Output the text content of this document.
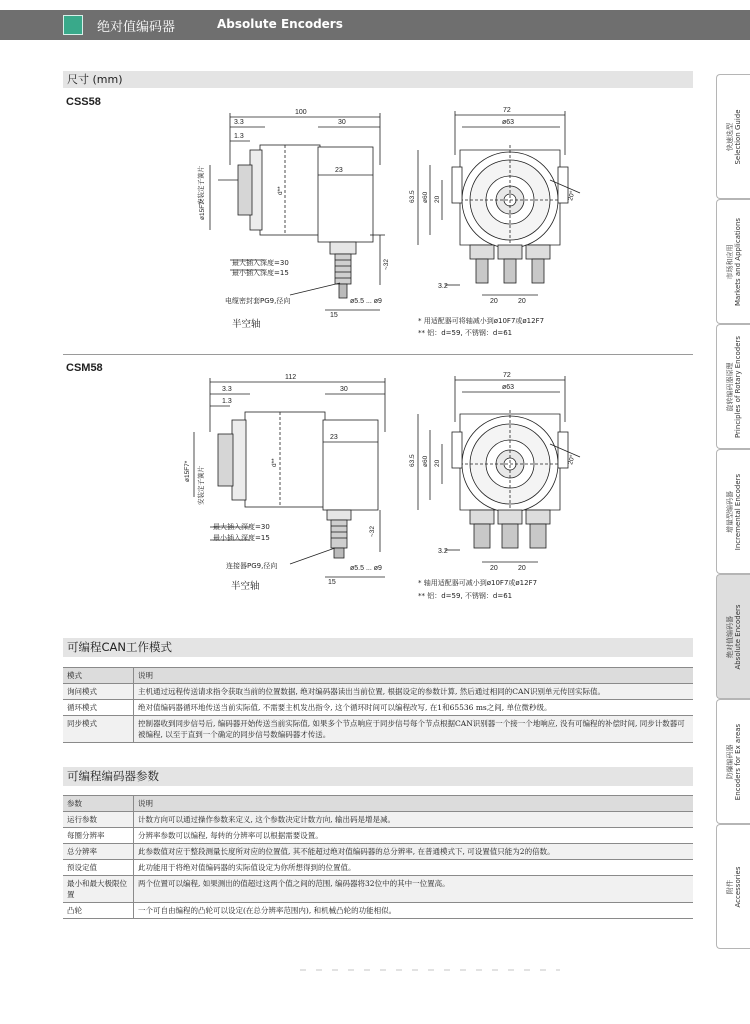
绝对值编码器	Absolute Encoders
尺寸 (mm)
CSS58
100
3.3
1.3
30
23
d**
ø15F7*
~32
15
ø5.5 ... ø9
安装定子簧片
最大插入深度=30
最小插入深度=15
电缆密封套PG9,径向
半空轴
72
ø63
63.5 ø60 20
20	20
3.2
20°
* 用适配器可将轴减小到ø10F7或ø12F7
** 铝：d=59, 不锈钢：d=61
CSM58
112
3.3
1.3
30
23
d**
ø15F7*
~32
15
ø5.5 ... ø9
安装定子簧片
最大插入深度=30
最小插入深度=15
连接器PG9,径向
半空轴
72
ø63
63.5 ø60 20
20	20
3.2
20°
* 轴用适配器可减小到ø10F7或ø12F7
** 铝：d=59, 不锈钢：d=61
可编程CAN工作模式
模式	说明
询问模式	主机通过远程传送请求指令获取当前的位置数据, 绝对编码器读出当前位置, 根据设定的参数计算, 然后通过相同的CAN识别单元传回实际值。
循环模式	绝对值编码器循环地传送当前实际值, 不需要主机发出指令, 这个循环时间可以编程改写, 在1和65536 ms之间, 单位微秒级。
同步模式	控制器收到同步信号后, 编码器开始传送当前实际值, 如果多个节点响应于同步信号每个节点根据CAN识别器一个接一个地响应, 没有可编程的补偿时间, 同步计数器可被编程, 以至于直到一个确定的同步信号数编码器才传送。
可编程编码器参数
参数	说明
运行参数	计数方向可以通过操作参数来定义, 这个参数决定计数方向, 输出码是增是减。
每圈分辨率	分辨率参数可以编程, 每转的分辨率可以根据需要设置。
总分辨率	此参数值对应于整段测量长度所对应的位置值, 其不能超过绝对值编码器的总分辨率, 在普通模式下, 可设置值只能为2的倍数。
预设定值	此功能用于将绝对值编码器的实际值设定为你所想得到的位置值。
最小和最大极限位置	两个位置可以编程, 如果测出的值超过这两个值之间的范围, 编码器将32位中的其中一位置高。
凸轮	一个可自由编程的凸轮可以设定(在总分辨率范围内), 和机械凸轮的功能相似。
快速选型
Selection Guide
市场和应用
Markets and Applications
旋转编码器原理
Principles of Rotary Encoders
增量型编码器
Incremental Encoders
绝对值编码器
Absolute Encoders
防爆编码器
Encoders for Ex areas
附件
Accessories
